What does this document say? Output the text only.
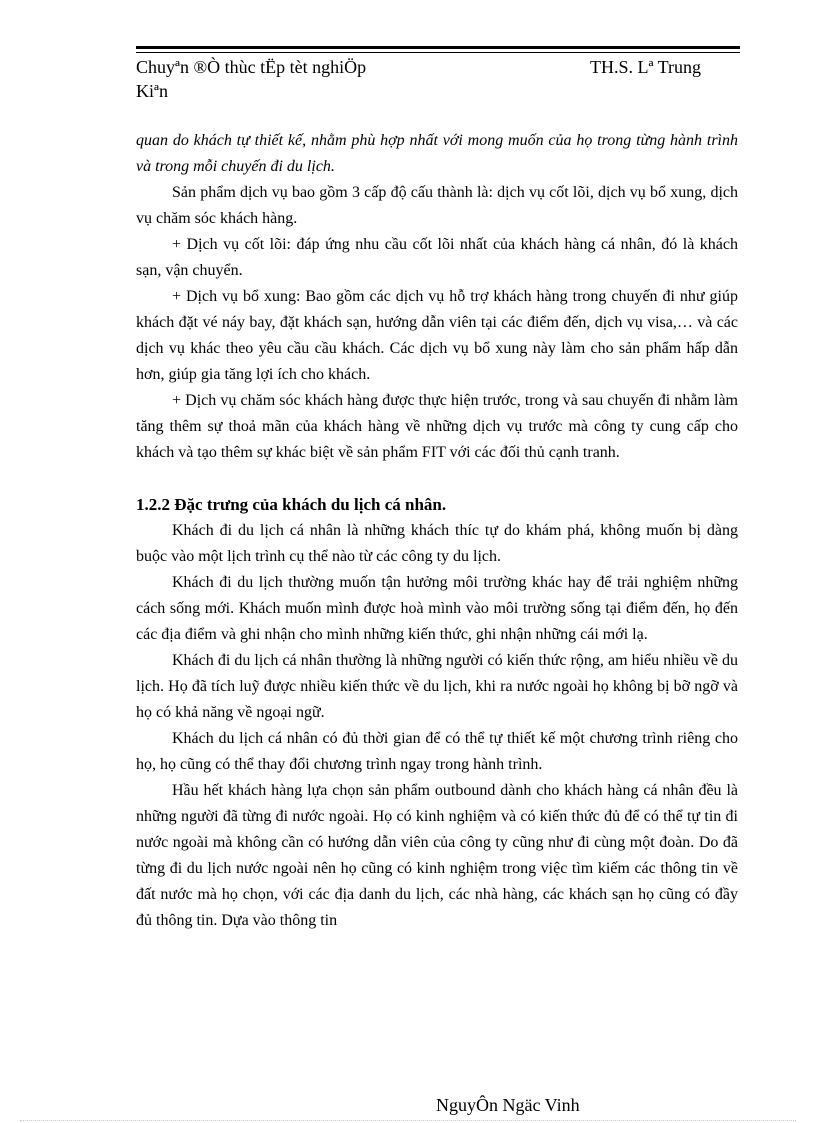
Chuyªn ®Ò thùc tËp tèt nghiÖp
Kiªn
TH.S. Lª Trung

quan do khách tự thiết kế, nhằm phù hợp nhất với mong muốn của họ trong từng hành trình và trong mỗi chuyến đi du lịch.

Sản phẩm dịch vụ bao gồm 3 cấp độ cấu thành là: dịch vụ cốt lõi, dịch vụ bổ xung, dịch vụ chăm sóc khách hàng.

+ Dịch vụ cốt lõi: đáp ứng nhu cầu cốt lõi nhất của khách hàng cá nhân, đó là khách sạn, vận chuyển.

+ Dịch vụ bổ xung: Bao gồm các dịch vụ hỗ trợ khách hàng trong chuyến đi như giúp khách đặt vé náy bay, đặt khách sạn, hướng dẫn viên tại các điểm đến, dịch vụ visa,… và các dịch vụ khác theo yêu cầu cầu khách. Các dịch vụ bổ xung này làm cho sản phẩm hấp dẫn hơn, giúp gia tăng lợi ích cho khách.

+ Dịch vụ chăm sóc khách hàng được thực hiện trước, trong và sau chuyến đi nhằm làm tăng thêm sự thoả mãn của khách hàng về những dịch vụ trước mà công ty cung cấp cho khách và tạo thêm sự khác biệt về sản phẩm FIT với các đối thủ cạnh tranh.

1.2.2 Đặc trưng của khách du lịch cá nhân.

Khách đi du lịch cá nhân là những khách thíc tự do khám phá, không muốn bị dàng buộc vào một lịch trình cụ thể nào từ các công ty du lịch.

Khách đi du lịch thường muốn tận hưởng môi trường khác hay để trải nghiệm những cách sống mới. Khách muốn mình được hoà mình vào môi trường sống tại điểm đến, họ đến các địa điểm và ghi nhận cho mình những kiến thức, ghi nhận những cái mới lạ.

Khách đi du lịch cá nhân thường là những người có kiến thức rộng, am hiểu nhiều về du lịch. Họ đã tích luỹ được nhiều kiến thức về du lịch, khi ra nước ngoài họ không bị bỡ ngỡ và họ có khả năng về ngoại ngữ.

Khách du lịch cá nhân có đủ thời gian để có thể tự thiết kế một chương trình riêng cho họ, họ cũng có thể thay đổi chương trình ngay trong hành trình.

Hầu hết khách hàng lựa chọn sản phẩm outbound dành cho khách hàng cá nhân đều là những người đã từng đi nước ngoài. Họ có kinh nghiệm và có kiến thức đủ để có thể tự tin đi nước ngoài mà không cần có hướng dẫn viên của công ty cũng như đi cùng một đoàn. Do đã từng đi du lịch nước ngoài nên họ cũng có kinh nghiệm trong việc tìm kiếm các thông tin về đất nước mà họ chọn, với các địa danh du lịch, các nhà hàng, các khách sạn họ cũng có đầy đủ thông tin. Dựa vào thông tin

NguyÔn Ngäc Vinh
